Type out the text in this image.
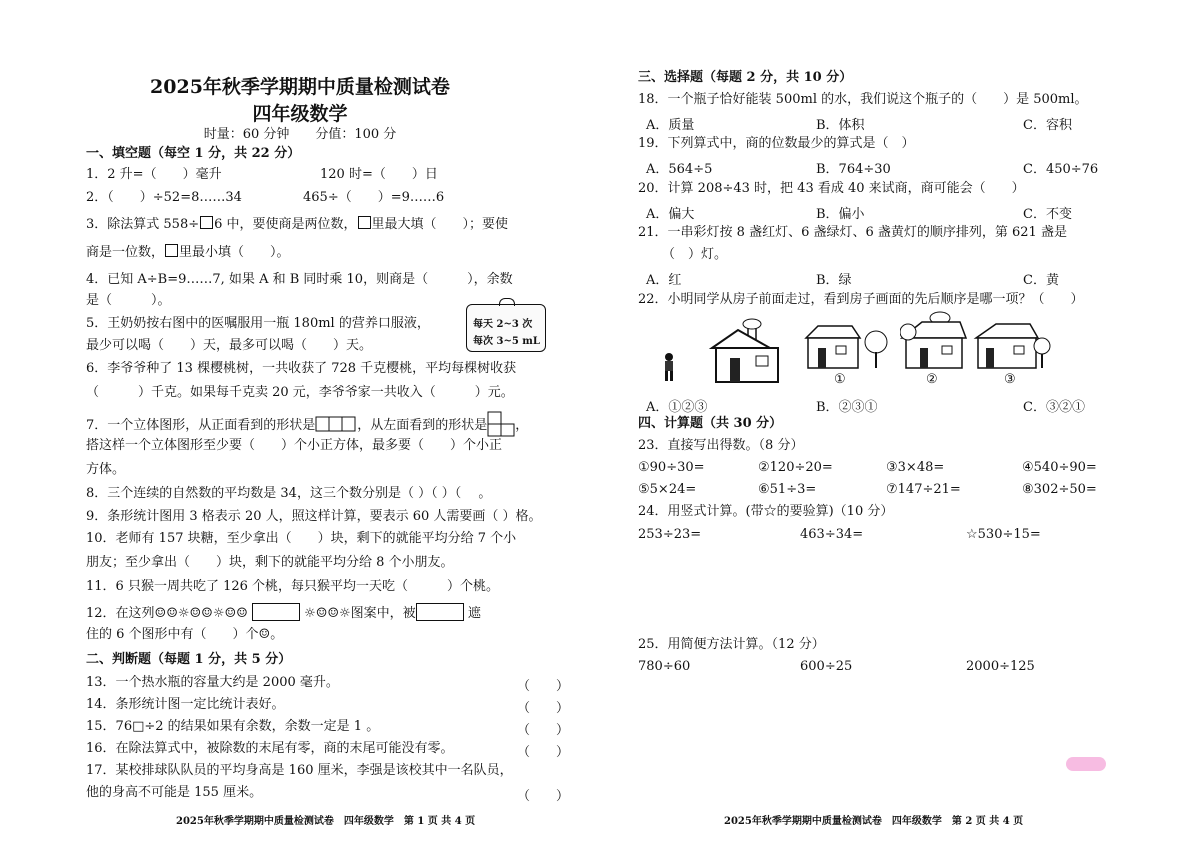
2025年秋季学期期中质量检测试卷
四年级数学
时量：60 分钟　　分值：100 分
一、填空题（每空 1 分，共 22 分）
1．2 升=（　　）毫升	120 时=（　　）日
2．（　　）÷52=8……34	465÷（　　）=9……6
3．除法算式 558÷ 6 中，要使商是两位数， 里最大填（　　）；要使
商是一位数， 里最小填（　　）。
4．已知 A÷B=9……7, 如果 A 和 B 同时乘 10，则商是（　　　），余数
是（　　　）。
5．王奶奶按右图中的医嘱服用一瓶 180ml 的营养口服液，
最少可以喝（　　）天，最多可以喝（　　）天。
每天 2~3 次
每次 3~5 mL
6．李爷爷种了 13 棵樱桃树，一共收获了 728 千克樱桃，平均每棵树收获
（　　　）千克。如果每千克卖 20 元，李爷爷家一共收入（　　　）元。
7．一个立体图形，从正面看到的形状是	，从左面看到的形状是 ，
搭这样一个立体图形至少要（　　）个小正方体，最多要（　　）个小正
方体。
8．三个连续的自然数的平均数是 34，这三个数分别是（ ）（ ）（　 。
9．条形统计图用 3 格表示 20 人，照这样计算，要表示 60 人需要画（ ）格。
10．老师有 157 块糖，至少拿出（　　）块，剩下的就能平均分给 7 个小
朋友；至少拿出（　　）块，剩下的就能平均分给 8 个小朋友。
11．6 只猴一周共吃了 126 个桃，每只猴平均一天吃（　　　）个桃。
12．在这列☺☺☼☺☺☼☺☺	☼☺☺☼图案中，被	遮
住的 6 个图形中有（　　）个☺。
二、判断题（每题 1 分，共 5 分）
13．一个热水瓶的容量大约是 2000 毫升。	（　　）
14．条形统计图一定比统计表好。	（　　）
15．76□÷2 的结果如果有余数，余数一定是 1 。	（　　）
16．在除法算式中，被除数的末尾有零，商的末尾可能没有零。	（　　）
17．某校排球队队员的平均身高是 160 厘米，李强是该校其中一名队员，
他的身高不可能是 155 厘米。	（　　）
2025年秋季学期期中质量检测试卷　四年级数学　第 1 页 共 4 页
三、选择题（每题 2 分，共 10 分）
18．一个瓶子恰好能装 500ml 的水，我们说这个瓶子的（　　）是 500ml。
A．质量	B．体积	C．容积
19．下列算式中，商的位数最少的算式是（　）
A．564÷5	B．764÷30	C．450÷76
20．计算 208÷43 时，把 43 看成 40 来试商，商可能会（　　）
A．偏大	B．偏小	C．不变
21．一串彩灯按 8 盏红灯、6 盏绿灯、6 盏黄灯的顺序排列，第 621 盏是
（　）灯。
A．红	B．绿	C．黄
22．小明同学从房子前面走过，看到房子画面的先后顺序是哪一项？（　　）
①	②	③
A．①②③	B．②③①	C．③②①
四、计算题（共 30 分）
23．直接写出得数。（8 分）
①90÷30=	②120÷20=	③3×48=	④540÷90=
⑤5×24=	⑥51÷3=	⑦147÷21=	⑧302÷50=
24．用竖式计算。(带☆的要验算)（10 分）
253÷23=	463÷34=	☆530÷15=
25．用简便方法计算。（12 分）
780÷60	600÷25	2000÷125
2025年秋季学期期中质量检测试卷　四年级数学　第 2 页 共 4 页
